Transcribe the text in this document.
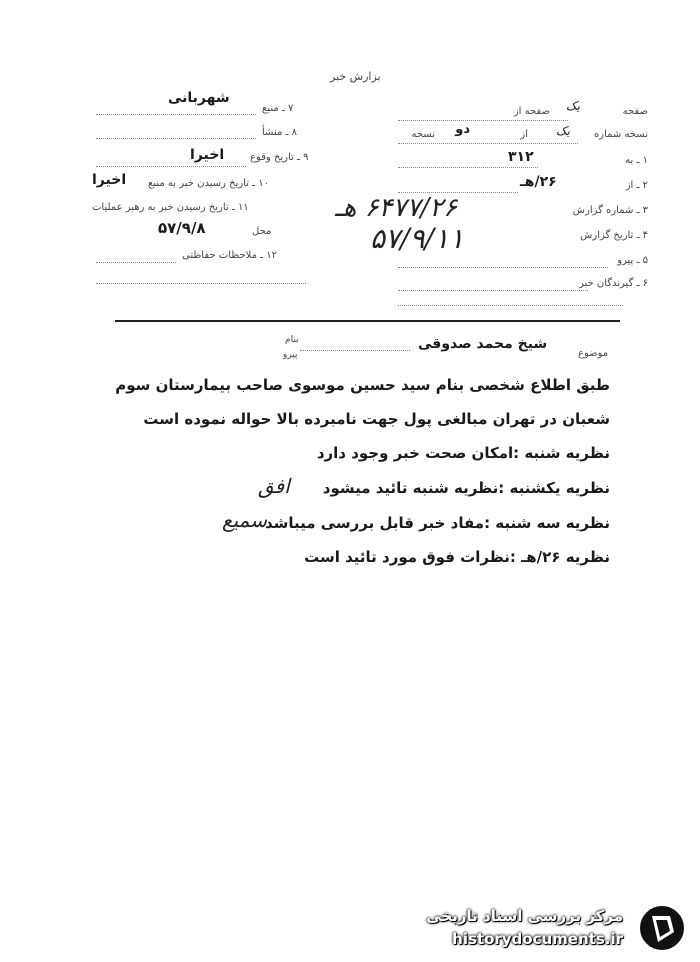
بزارش خبر
شهربانی
صفحه
یک
صفحه از
نسخه شماره
یک
از
دو
نسخه
۷ ـ منبع
۸ ـ منشأ
۹ ـ تاریخ وقوع
اخیرا
۱۰ ـ تاریخ رسیدن خبر به منبع
اخیرا
۱۱ ـ تاریخ رسیدن خبر به رهبر عملیات
محل
۵۷/۹/۸
۱۲ ـ ملاحظات حفاظتی
۱ ـ به
۳۱۲
۲ ـ از
۲۶/هـ
۳ ـ شماره گزارش
۶۴۷۷/۲۶ هـ
۴ ـ تاریخ گزارش
۵۷/۹/۱۱
۵ ـ پیرو
۶ ـ گیرندگان خبر
موضوع
شیخ محمد صدوقی
بنام
پیرو
طبق اطلاع شخصی بنام سید حسین موسوی صاحب بیمارستان سوم
شعبان در تهران مبالغی پول جهت نامبرده بالا حواله نموده است
نظریه شنبه :امکان صحت خبر وجود دارد
نظریه یکشنبه :نظریه شنبه تائید میشود
نظریه سه شنبه :مفاد خبر قابل بررسی میباشد
نظریه ۲۶/هـ :نظرات فوق مورد تائید است
افق
سمیع
مرکز بررسی اسناد تاریخی
historydocuments.ir
